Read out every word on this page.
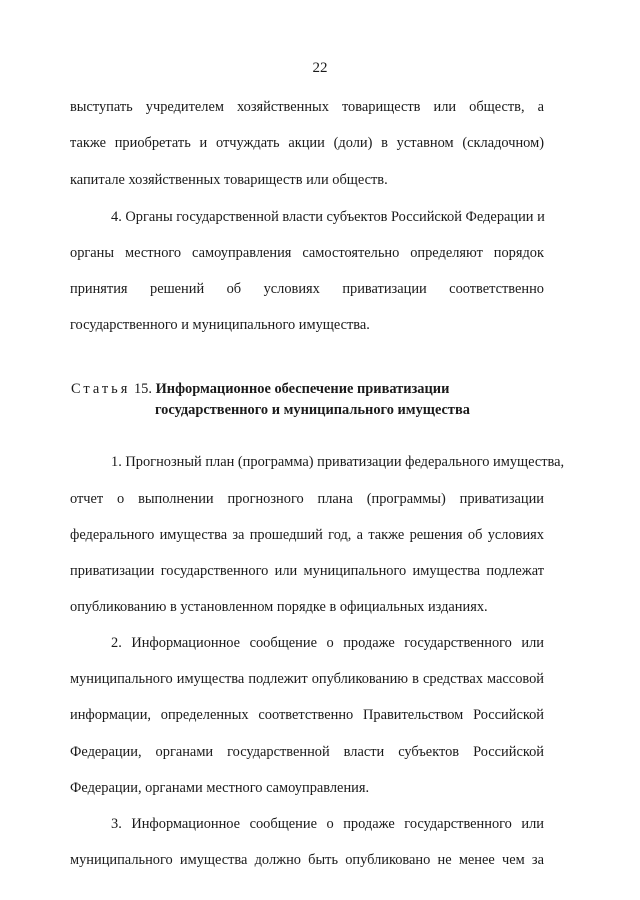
22
выступать учредителем хозяйственных товариществ или обществ, а
также приобретать и отчуждать акции (доли) в уставном (складочном)
капитале хозяйственных товариществ или обществ.
4. Органы государственной власти субъектов Российской Федерации и
органы местного самоуправления самостоятельно определяют порядок
принятия решений об условиях приватизации соответственно
государственного и муниципального имущества.
Статья 15. Информационное обеспечение приватизации
государственного и муниципального имущества
1. Прогнозный план (программа) приватизации федерального имущества,
отчет о выполнении прогнозного плана (программы) приватизации
федерального имущества за прошедший год, а также решения об условиях
приватизации государственного или муниципального имущества подлежат
опубликованию в установленном порядке в официальных изданиях.
2. Информационное сообщение о продаже государственного или
муниципального имущества подлежит опубликованию в средствах массовой
информации, определенных соответственно Правительством Российской
Федерации, органами государственной власти субъектов Российской
Федерации, органами местного самоуправления.
3. Информационное сообщение о продаже государственного или
муниципального имущества должно быть опубликовано не менее чем за
